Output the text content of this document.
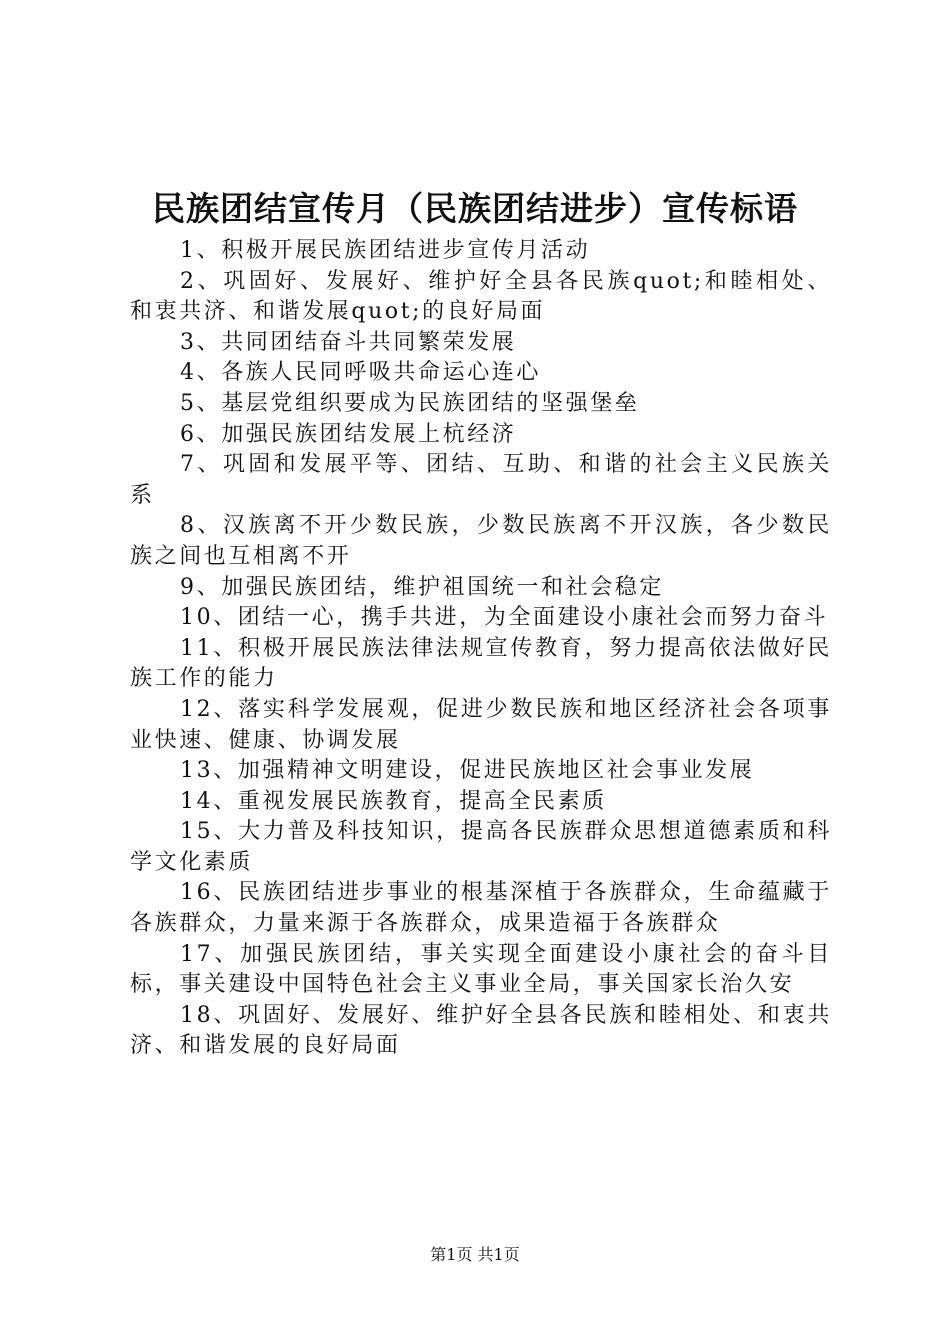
民族团结宣传月（民族团结进步）宣传标语
1、积极开展民族团结进步宣传月活动
2、巩固好、发展好、维护好全县各民族quot;和睦相处、和衷共济、和谐发展quot;的良好局面
3、共同团结奋斗共同繁荣发展
4、各族人民同呼吸共命运心连心
5、基层党组织要成为民族团结的坚强堡垒
6、加强民族团结发展上杭经济
7、巩固和发展平等、团结、互助、和谐的社会主义民族关系
8、汉族离不开少数民族，少数民族离不开汉族，各少数民族之间也互相离不开
9、加强民族团结，维护祖国统一和社会稳定
10、团结一心，携手共进，为全面建设小康社会而努力奋斗
11、积极开展民族法律法规宣传教育，努力提高依法做好民族工作的能力
12、落实科学发展观，促进少数民族和地区经济社会各项事业快速、健康、协调发展
13、加强精神文明建设，促进民族地区社会事业发展
14、重视发展民族教育，提高全民素质
15、大力普及科技知识，提高各民族群众思想道德素质和科学文化素质
16、民族团结进步事业的根基深植于各族群众，生命蕴藏于各族群众，力量来源于各族群众，成果造福于各族群众
17、加强民族团结，事关实现全面建设小康社会的奋斗目标，事关建设中国特色社会主义事业全局，事关国家长治久安
18、巩固好、发展好、维护好全县各民族和睦相处、和衷共济、和谐发展的良好局面

第1页 共1页
